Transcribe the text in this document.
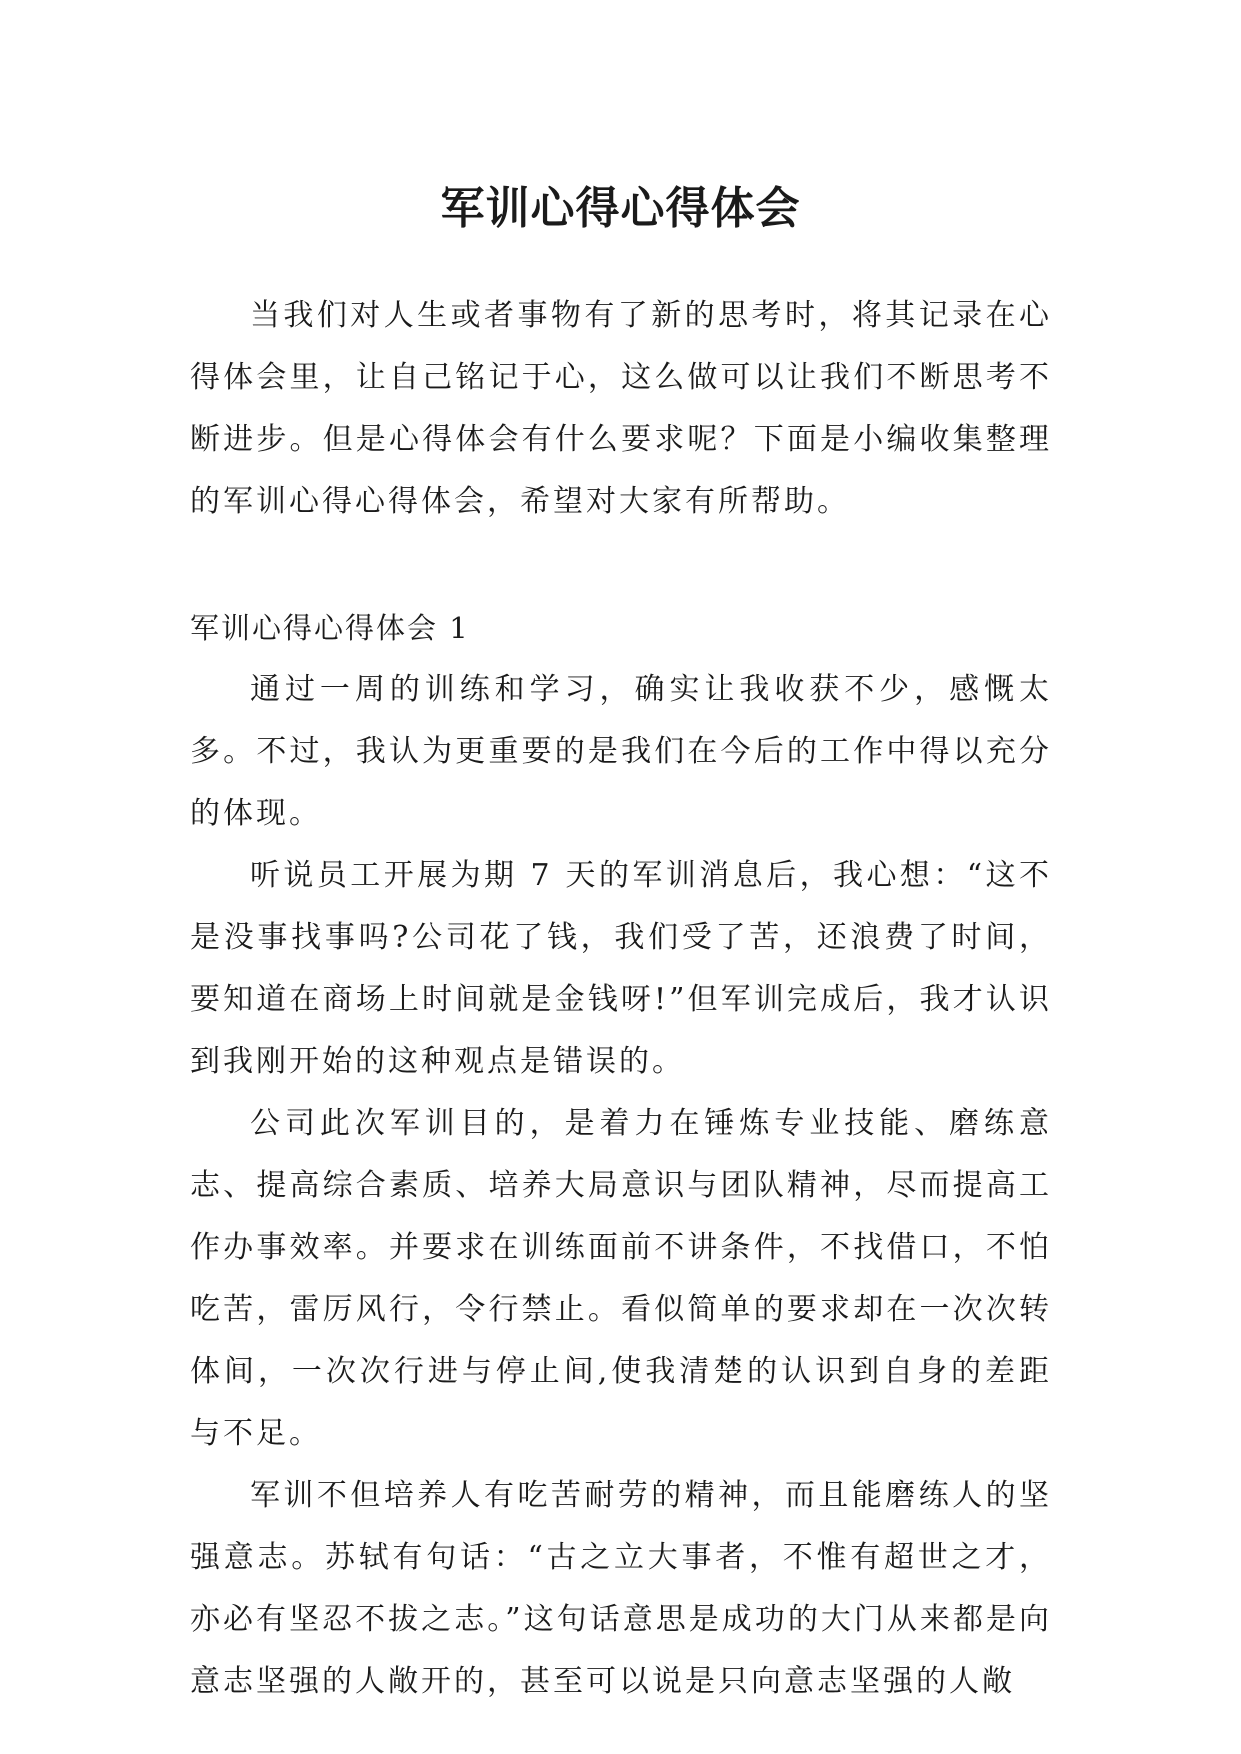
军训心得心得体会

当我们对人生或者事物有了新的思考时，将其记录在心得体会里，让自己铭记于心，这么做可以让我们不断思考不断进步。但是心得体会有什么要求呢？下面是小编收集整理的军训心得心得体会，希望对大家有所帮助。

军训心得心得体会 1

通过一周的训练和学习，确实让我收获不少，感慨太多。不过，我认为更重要的是我们在今后的工作中得以充分的体现。

听说员工开展为期 7 天的军训消息后，我心想：“这不是没事找事吗?公司花了钱，我们受了苦，还浪费了时间，要知道在商场上时间就是金钱呀!”但军训完成后，我才认识到我刚开始的这种观点是错误的。

公司此次军训目的，是着力在锤炼专业技能、磨练意志、提高综合素质、培养大局意识与团队精神，尽而提高工作办事效率。并要求在训练面前不讲条件，不找借口，不怕吃苦，雷厉风行，令行禁止。看似简单的要求却在一次次转体间，一次次行进与停止间,使我清楚的认识到自身的差距与不足。

军训不但培养人有吃苦耐劳的精神，而且能磨练人的坚强意志。苏轼有句话：“古之立大事者，不惟有超世之才，亦必有坚忍不拔之志。”这句话意思是成功的大门从来都是向意志坚强的人敞开的，甚至可以说是只向意志坚强的人敞
